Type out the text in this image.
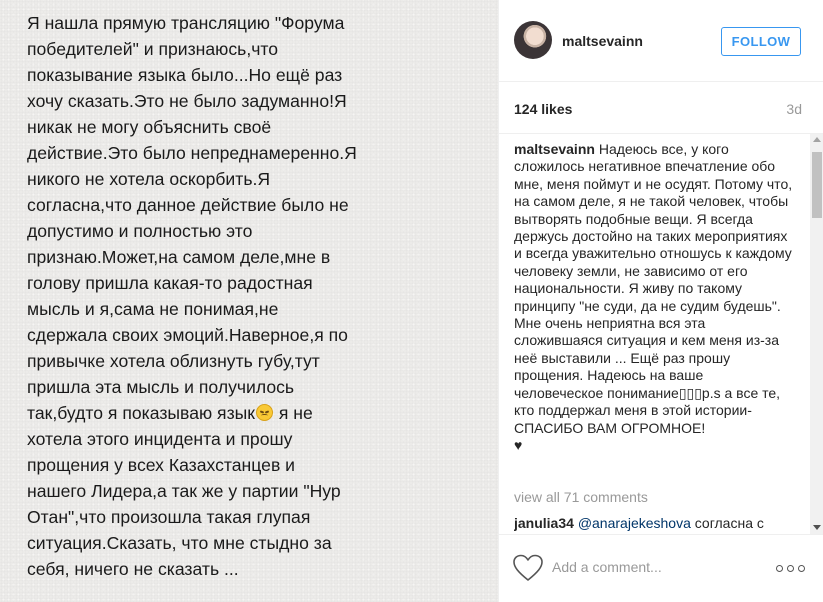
Я нашла прямую трансляцию "Форума
победителей" и признаюсь,что
показывание языка было...Но ещё раз
хочу сказать.Это не было задуманно!Я
никак не могу объяснить своё
действие.Это было непреднамеренно.Я
никого не хотела оскорбить.Я
согласна,что данное действие было не
допустимо и полностью это
признаю.Может,на самом деле,мне в
голову пришла какая-то радостная
мысль и я,сама не понимая,не
сдержала своих эмоций.Наверное,я по
привычке хотела облизнуть губу,тут
пришла эта мысль и получилось
так,будто я показываю язык
я не
хотела этого инцидента и прошу
прощения у всех Казахстанцев и
нашего Лидера,а так же у партии "Нур
Отан",что произошла такая глупая
ситуация.Сказать, что мне стыдно за
себя, ничего не сказать ...
maltsevainn	FOLLOW
124 likes	3d
maltsevainn Надеюсь все, у кого сложилось негативное впечатление обо мне, меня поймут и не осудят. Потому что, на самом деле, я не такой человек, чтобы вытворять подобные вещи. Я всегда держусь достойно на таких мероприятиях и всегда уважительно отношусь к каждому человеку земли, не зависимо от его национальности. Я живу по такому принципу "не суди, да не судим будешь". Мне очень неприятна вся эта сложившаяся ситуация и кем меня из-за неё выставили ... Ещё раз прошу прощения. Надеюсь на ваше человеческое понимание▯▯▯p.s а все те, кто поддержал меня в этой истории-СПАСИБО ВАМ ОГРОМНОЕ!
♥
view all 71 comments
janulia34 @anarajekeshova согласна с
Add a comment...
